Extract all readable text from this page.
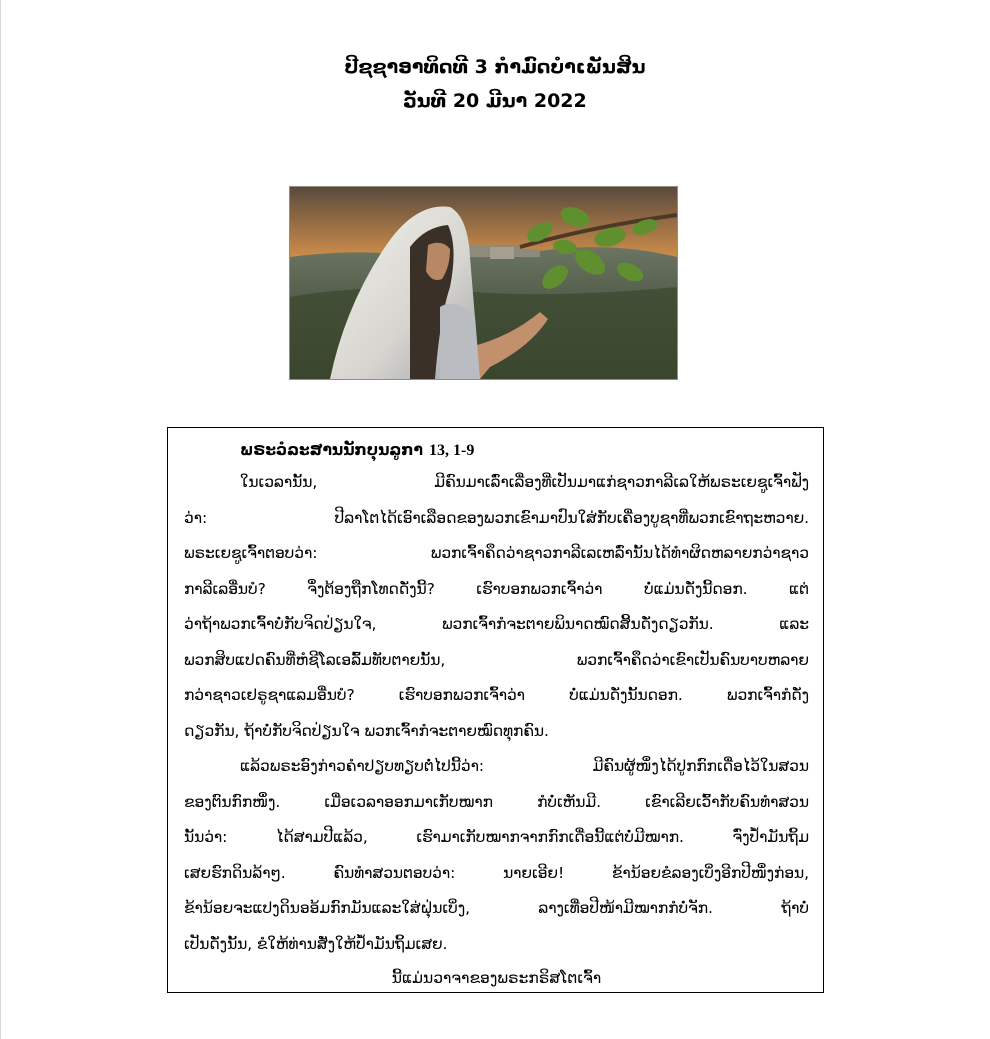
ປີຊຊາອາທິດທີ 3 ກໍາມົດບໍາເພັນສິນ
ວັນທີ 20 ມີນາ 2022
ພຣະວໍລະສານນັກບຸນລູກາ 13, 1-9
ໃນເວລານັ້ນ, ມີຄົນມາເລົ່າເລື່ອງທີ່ເປັນມາແກ່ຊາວກາລີເລໃຫ້ພຣະເຍຊູເຈົ້າຟັງ
ວ່າ: ປີລາໂຕໄດ້ເອົາເລືອດຂອງພວກເຂົາມາປົນໃສ່ກັບເຄື່ອງບູຊາທີ່ພວກເຂົາຖະຫວາຍ.
ພຣະເຍຊູເຈົ້າຕອບວ່າ: ພວກເຈົ້າຄຶດວ່າຊາວກາລີເລເຫລົ່ານັ້ນໄດ້ທໍາຜິດຫລາຍກວ່າຊາວ
ກາລີເລອື່ນບໍ? ຈຶ່ງຕ້ອງຖືກໂທດດັ່ງນີ້? ເຮົາບອກພວກເຈົ້າວ່າ ບໍ່ແມ່ນດັ່ງນີ້ດອກ. ແຕ່
ວ່າຖ້າພວກເຈົ້າບໍ່ກັບຈິດປ່ຽນໃຈ, ພວກເຈົ້າກໍຈະຕາຍພິນາດໝົດສິ້ນດັ່ງດຽວກັນ. ແລະ
ພວກສິບແປດຄົນທີ່ຫໍຊີໂລເອລົ້ມທັບຕາຍນັ້ນ, ພວກເຈົ້າຄຶດວ່າເຂົາເປັນຄົນບາບຫລາຍ
ກວ່າຊາວເຢຣູຊາແລມອື່ນບໍ? ເຮົາບອກພວກເຈົ້າວ່າ ບໍ່ແມ່ນດັ່ງນັ້ນດອກ. ພວກເຈົ້າກໍດັ່ງ
ດຽວກັນ, ຖ້າບໍ່ກັບຈິດປ່ຽນໃຈ ພວກເຈົ້າກໍຈະຕາຍໝົດທຸກຄົນ.
ແລ້ວພຣະອົງກ່າວຄໍາປຽບທຽບຕໍ່ໄປນີ້ວ່າ: ມີຄົນຜູ້ໜຶ່ງໄດ້ປູກກົກເດື່ອໄວ້ໃນສວນ
ຂອງຕົນກົກໜຶ່ງ. ເມື່ອເວລາອອກມາເກັບໝາກ ກໍບໍ່ເຫັນມີ. ເຂົາເລີຍເວົ້າກັບຄົນທໍາສວນ
ນັ້ນວ່າ: ໄດ້ສາມປີແລ້ວ, ເຮົາມາເກັບໝາກຈາກກົກເດື່ອນີ້ແຕ່ບໍ່ມີໝາກ. ຈົ່ງປ້ຳມັນຖິ້ມ
ເສຍຮົກດິນລ້າໆ. ຄົນທໍາສວນຕອບວ່າ: ນາຍເອີຍ! ຂ້ານ້ອຍຂໍລອງເບິ່ງອີກປີໜຶ່ງກ່ອນ,
ຂ້ານ້ອຍຈະແປງດິນອອ້ມກົກມັນແລະໃສ່ຝຸ່ນເບິ່ງ, ລາງເທື່ອປີໜ້າມີໝາກກໍບໍ່ຈັກ. ຖ້າບໍ່
ເປັນດັ່ງນັ້ນ, ຂໍໃຫ້ທ່ານສັ່ງໃຫ້ປ້ຳມັນຖິ້ມເສຍ.
ນີ້ແມ່ນວາຈາຂອງພຣະກຣິສໂຕເຈົ້າ
